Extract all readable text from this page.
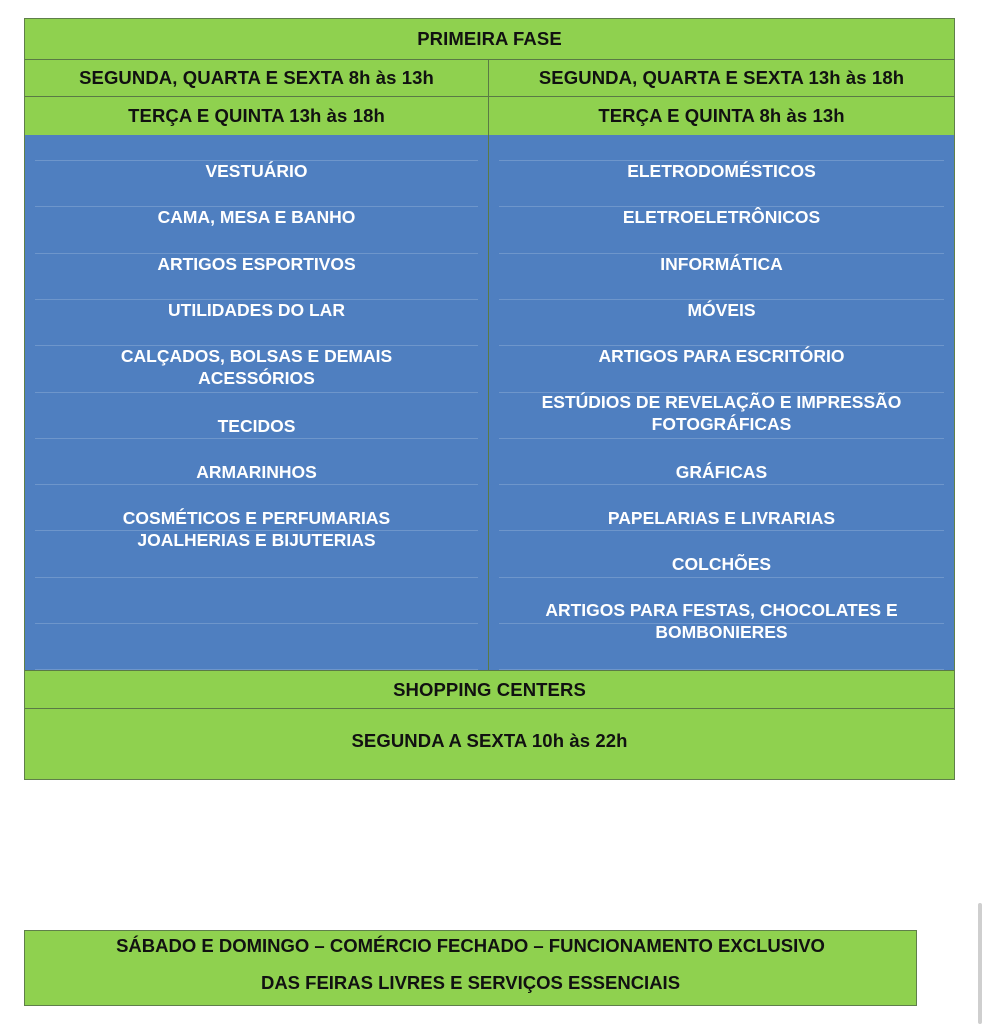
PRIMEIRA FASE
SEGUNDA, QUARTA E SEXTA 8h às 13h	SEGUNDA, QUARTA E SEXTA 13h às 18h
TERÇA E QUINTA 13h às 18h	TERÇA E QUINTA 8h às 13h
VESTUÁRIO
CAMA, MESA E BANHO
ARTIGOS ESPORTIVOS
UTILIDADES DO LAR
CALÇADOS, BOLSAS E DEMAIS
ACESSÓRIOS
TECIDOS
ARMARINHOS
COSMÉTICOS E PERFUMARIAS
JOALHERIAS E BIJUTERIAS
ELETRODOMÉSTICOS
ELETROELETRÔNICOS
INFORMÁTICA
MÓVEIS
ARTIGOS PARA ESCRITÓRIO
ESTÚDIOS DE REVELAÇÃO E IMPRESSÃO
FOTOGRÁFICAS
GRÁFICAS
PAPELARIAS E LIVRARIAS
COLCHÕES
ARTIGOS PARA FESTAS, CHOCOLATES E
BOMBONIERES
SHOPPING CENTERS
SEGUNDA A SEXTA 10h às 22h
SÁBADO E DOMINGO – COMÉRCIO FECHADO – FUNCIONAMENTO EXCLUSIVO
DAS FEIRAS LIVRES E SERVIÇOS ESSENCIAIS
